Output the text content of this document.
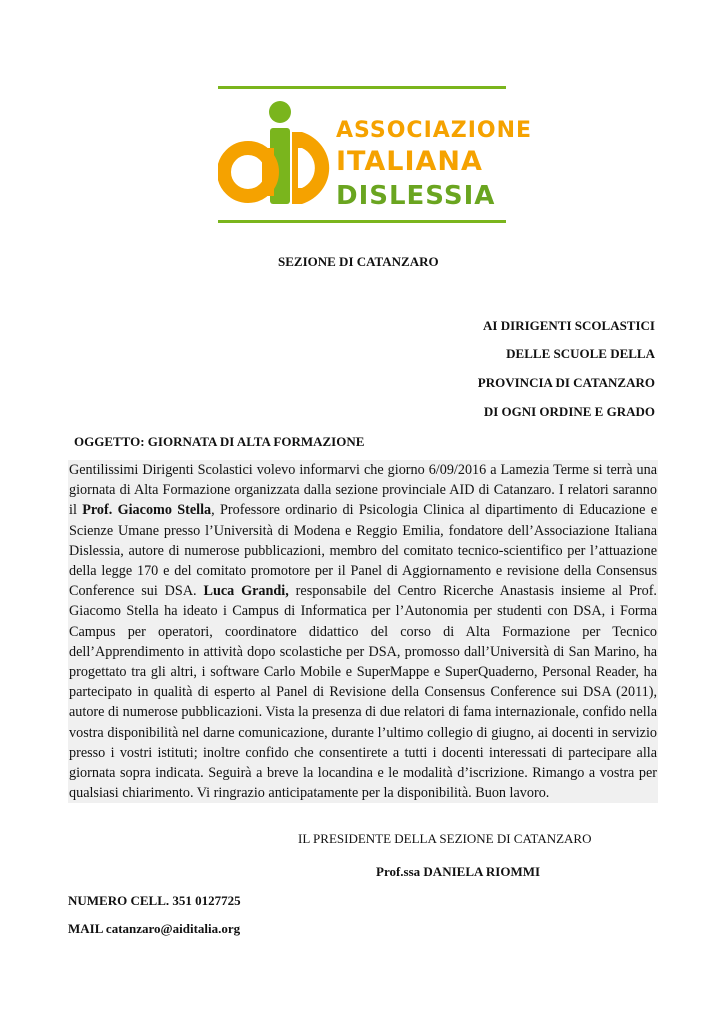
ASSOCIAZIONE
ITALIANA
DISLESSIA
SEZIONE DI CATANZARO
AI DIRIGENTI SCOLASTICI
DELLE SCUOLE DELLA
PROVINCIA DI CATANZARO
DI OGNI ORDINE E GRADO
OGGETTO: GIORNATA DI ALTA FORMAZIONE
Gentilissimi Dirigenti Scolastici volevo informarvi che giorno 6/09/2016 a Lamezia Terme si terrà una giornata di Alta Formazione organizzata dalla sezione provinciale AID di Catanzaro. I relatori saranno il Prof. Giacomo Stella, Professore ordinario di Psicologia Clinica al dipartimento di Educazione e Scienze Umane presso l’Università di Modena e Reggio Emilia, fondatore dell’Associazione Italiana Dislessia, autore di numerose pubblicazioni, membro del comitato tecnico-scientifico per l’attuazione della legge 170 e del comitato promotore per il Panel di Aggiornamento e revisione della Consensus Conference sui DSA. Luca Grandi, responsabile del Centro Ricerche Anastasis insieme al Prof. Giacomo Stella ha ideato i Campus di Informatica per l’Autonomia per studenti con DSA, i Forma Campus per operatori, coordinatore didattico del corso di Alta Formazione per Tecnico dell’Apprendimento in attività dopo scolastiche per DSA, promosso dall’Università di San Marino, ha progettato tra gli altri, i software Carlo Mobile e SuperMappe e SuperQuaderno, Personal Reader, ha partecipato in qualità di esperto al Panel di Revisione della Consensus Conference sui DSA (2011), autore di numerose pubblicazioni. Vista la presenza di due relatori di fama internazionale, confido nella vostra disponibilità nel darne comunicazione, durante l’ultimo collegio di giugno, ai docenti in servizio presso i vostri istituti; inoltre confido che consentirete a tutti i docenti interessati di partecipare alla giornata sopra indicata. Seguirà a breve la locandina e le modalità d’iscrizione. Rimango a vostra per qualsiasi chiarimento. Vi ringrazio anticipatamente per la disponibilità. Buon lavoro.
IL PRESIDENTE DELLA SEZIONE DI CATANZARO
Prof.ssa DANIELA RIOMMI
NUMERO CELL. 351 0127725
MAIL catanzaro@aiditalia.org
